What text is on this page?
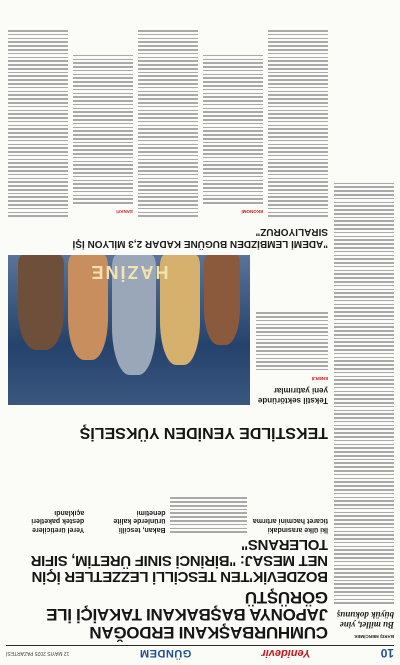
10
Yenidevir
GÜNDEM
12 MAYIS 2025 PAZARTESİ
BARIŞ MERCİMEK
Bu millet, yine büyük dokunuş
CUMHURBAŞKANI ERDOĞAN JAPONYA BAŞBAKANI TAKAİÇİ İLE GÖRÜŞTÜ
BOZDEVİK'TEN TESCİLLİ LEZZETLER İÇİN NET MESAJ: "BİRİNCİ SINIF ÜRETİM, SIFIR TOLERANS"
İki ülke arasındaki ticaret hacmini artırma
Bakan, tescilli ürünlerde kalite denetimi
Yerel üreticilere destek paketleri açıklandı
TEKSTİLDE YENİDEN YÜKSELİŞ
HAZİNE
Tekstil sektöründe yeni yatırımlar
ENERJİ
"ADEMİ LEMBİZDEN BUGÜNE KADAR 2,3 MİLYON İŞİ SIRALIYORUZ"
EKONOMİ
SANAYİ
